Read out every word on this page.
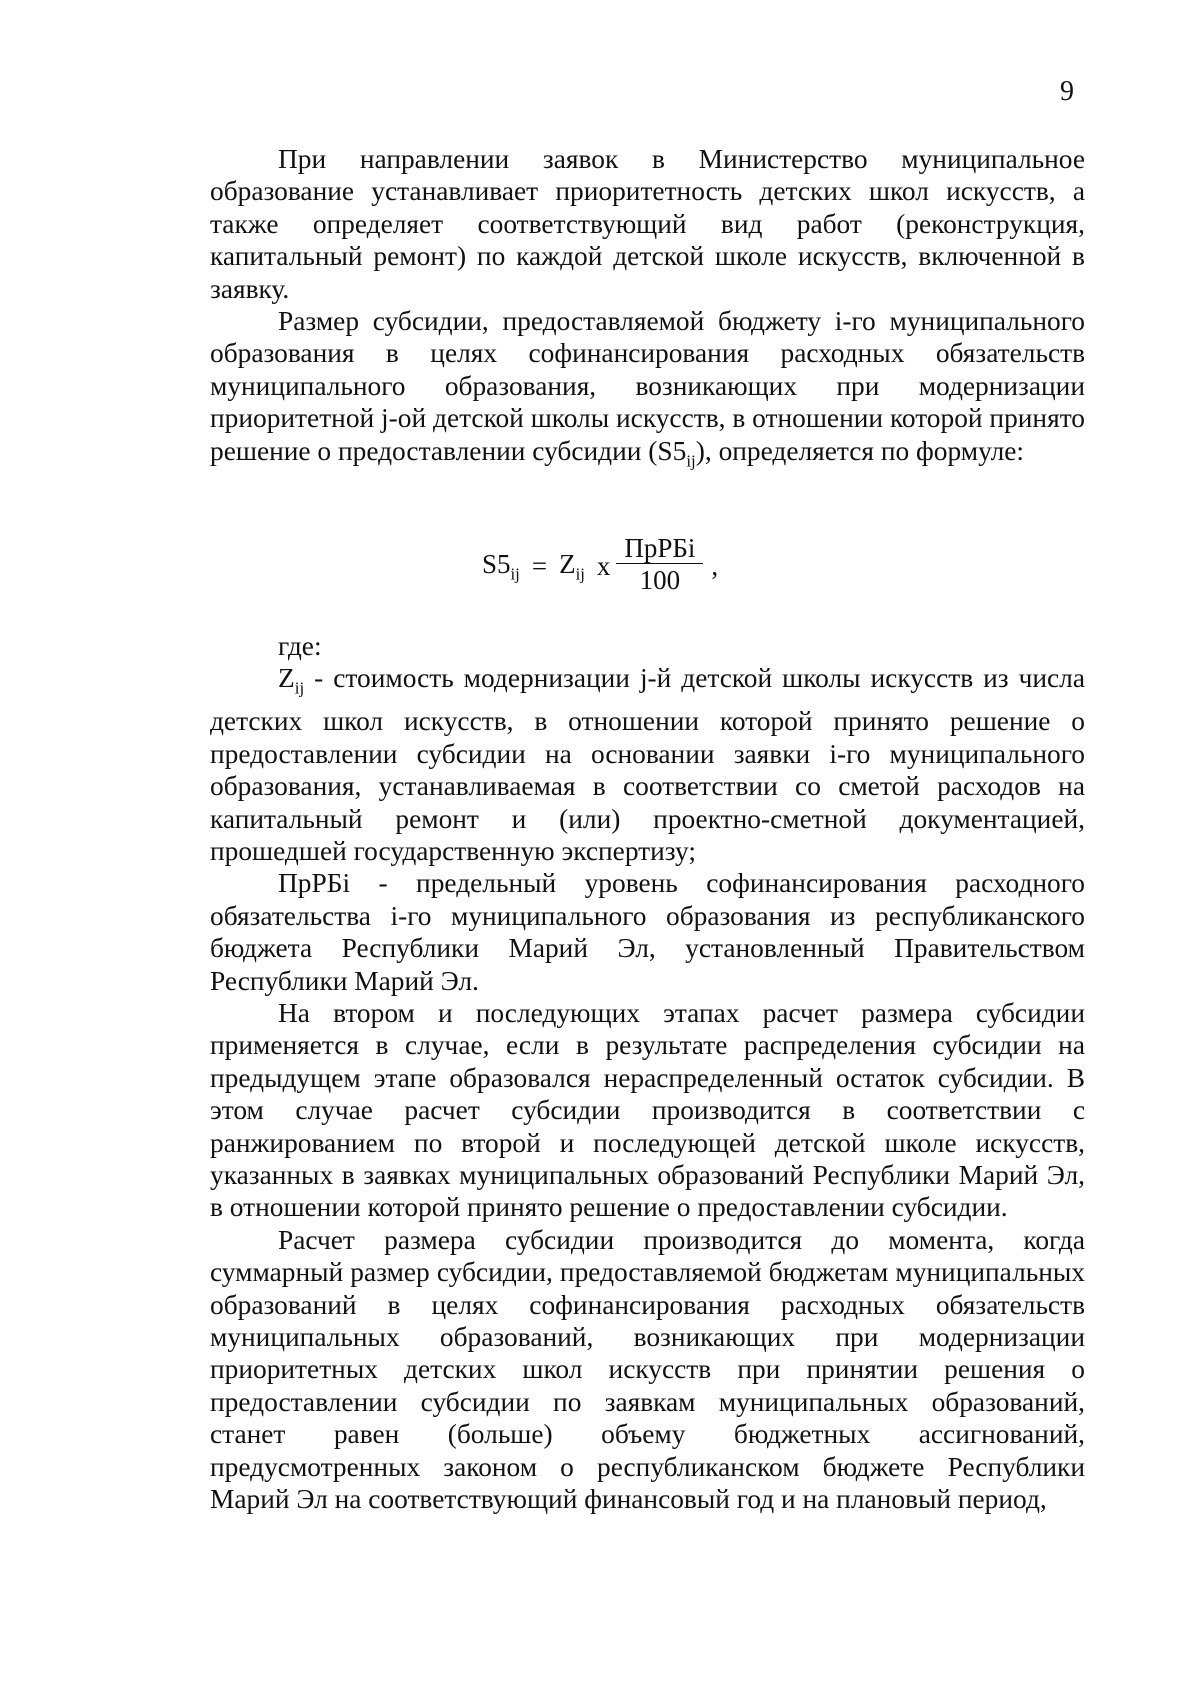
9

При направлении заявок в Министерство муниципальное образование устанавливает приоритетность детских школ искусств, а также определяет соответствующий вид работ (реконструкция, капитальный ремонт) по каждой детской школе искусств, включенной в заявку.

Размер субсидии, предоставляемой бюджету i-го муниципального образования в целях софинансирования расходных обязательств муниципального образования, возникающих при модернизации приоритетной j-ой детской школы искусств, в отношении которой принято решение о предоставлении субсидии $(S5_{ij})$, определяется по формуле:

$S5_{ij} = Z_{ij}$ x $\frac{\text{ПрРБi}}{100}$ ,

где:

$Z_{ij}$ - стоимость модернизации j-й детской школы искусств из числа детских школ искусств, в отношении которой принято решение о предоставлении субсидии на основании заявки i-го муниципального образования, устанавливаемая в соответствии со сметой расходов на капитальный ремонт и (или) проектно-сметной документацией, прошедшей государственную экспертизу;

ПрРБi - предельный уровень софинансирования расходного обязательства i-го муниципального образования из республиканского бюджета Республики Марий Эл, установленный Правительством Республики Марий Эл.

На втором и последующих этапах расчет размера субсидии применяется в случае, если в результате распределения субсидии на предыдущем этапе образовался нераспределенный остаток субсидии. В этом случае расчет субсидии производится в соответствии с ранжированием по второй и последующей детской школе искусств, указанных в заявках муниципальных образований Республики Марий Эл, в отношении которой принято решение о предоставлении субсидии.

Расчет размера субсидии производится до момента, когда суммарный размер субсидии, предоставляемой бюджетам муниципальных образований в целях софинансирования расходных обязательств муниципальных образований, возникающих при модернизации приоритетных детских школ искусств при принятии решения о предоставлении субсидии по заявкам муниципальных образований, станет равен (больше) объему бюджетных ассигнований, предусмотренных законом о республиканском бюджете Республики Марий Эл на соответствующий финансовый год и на плановый период,
